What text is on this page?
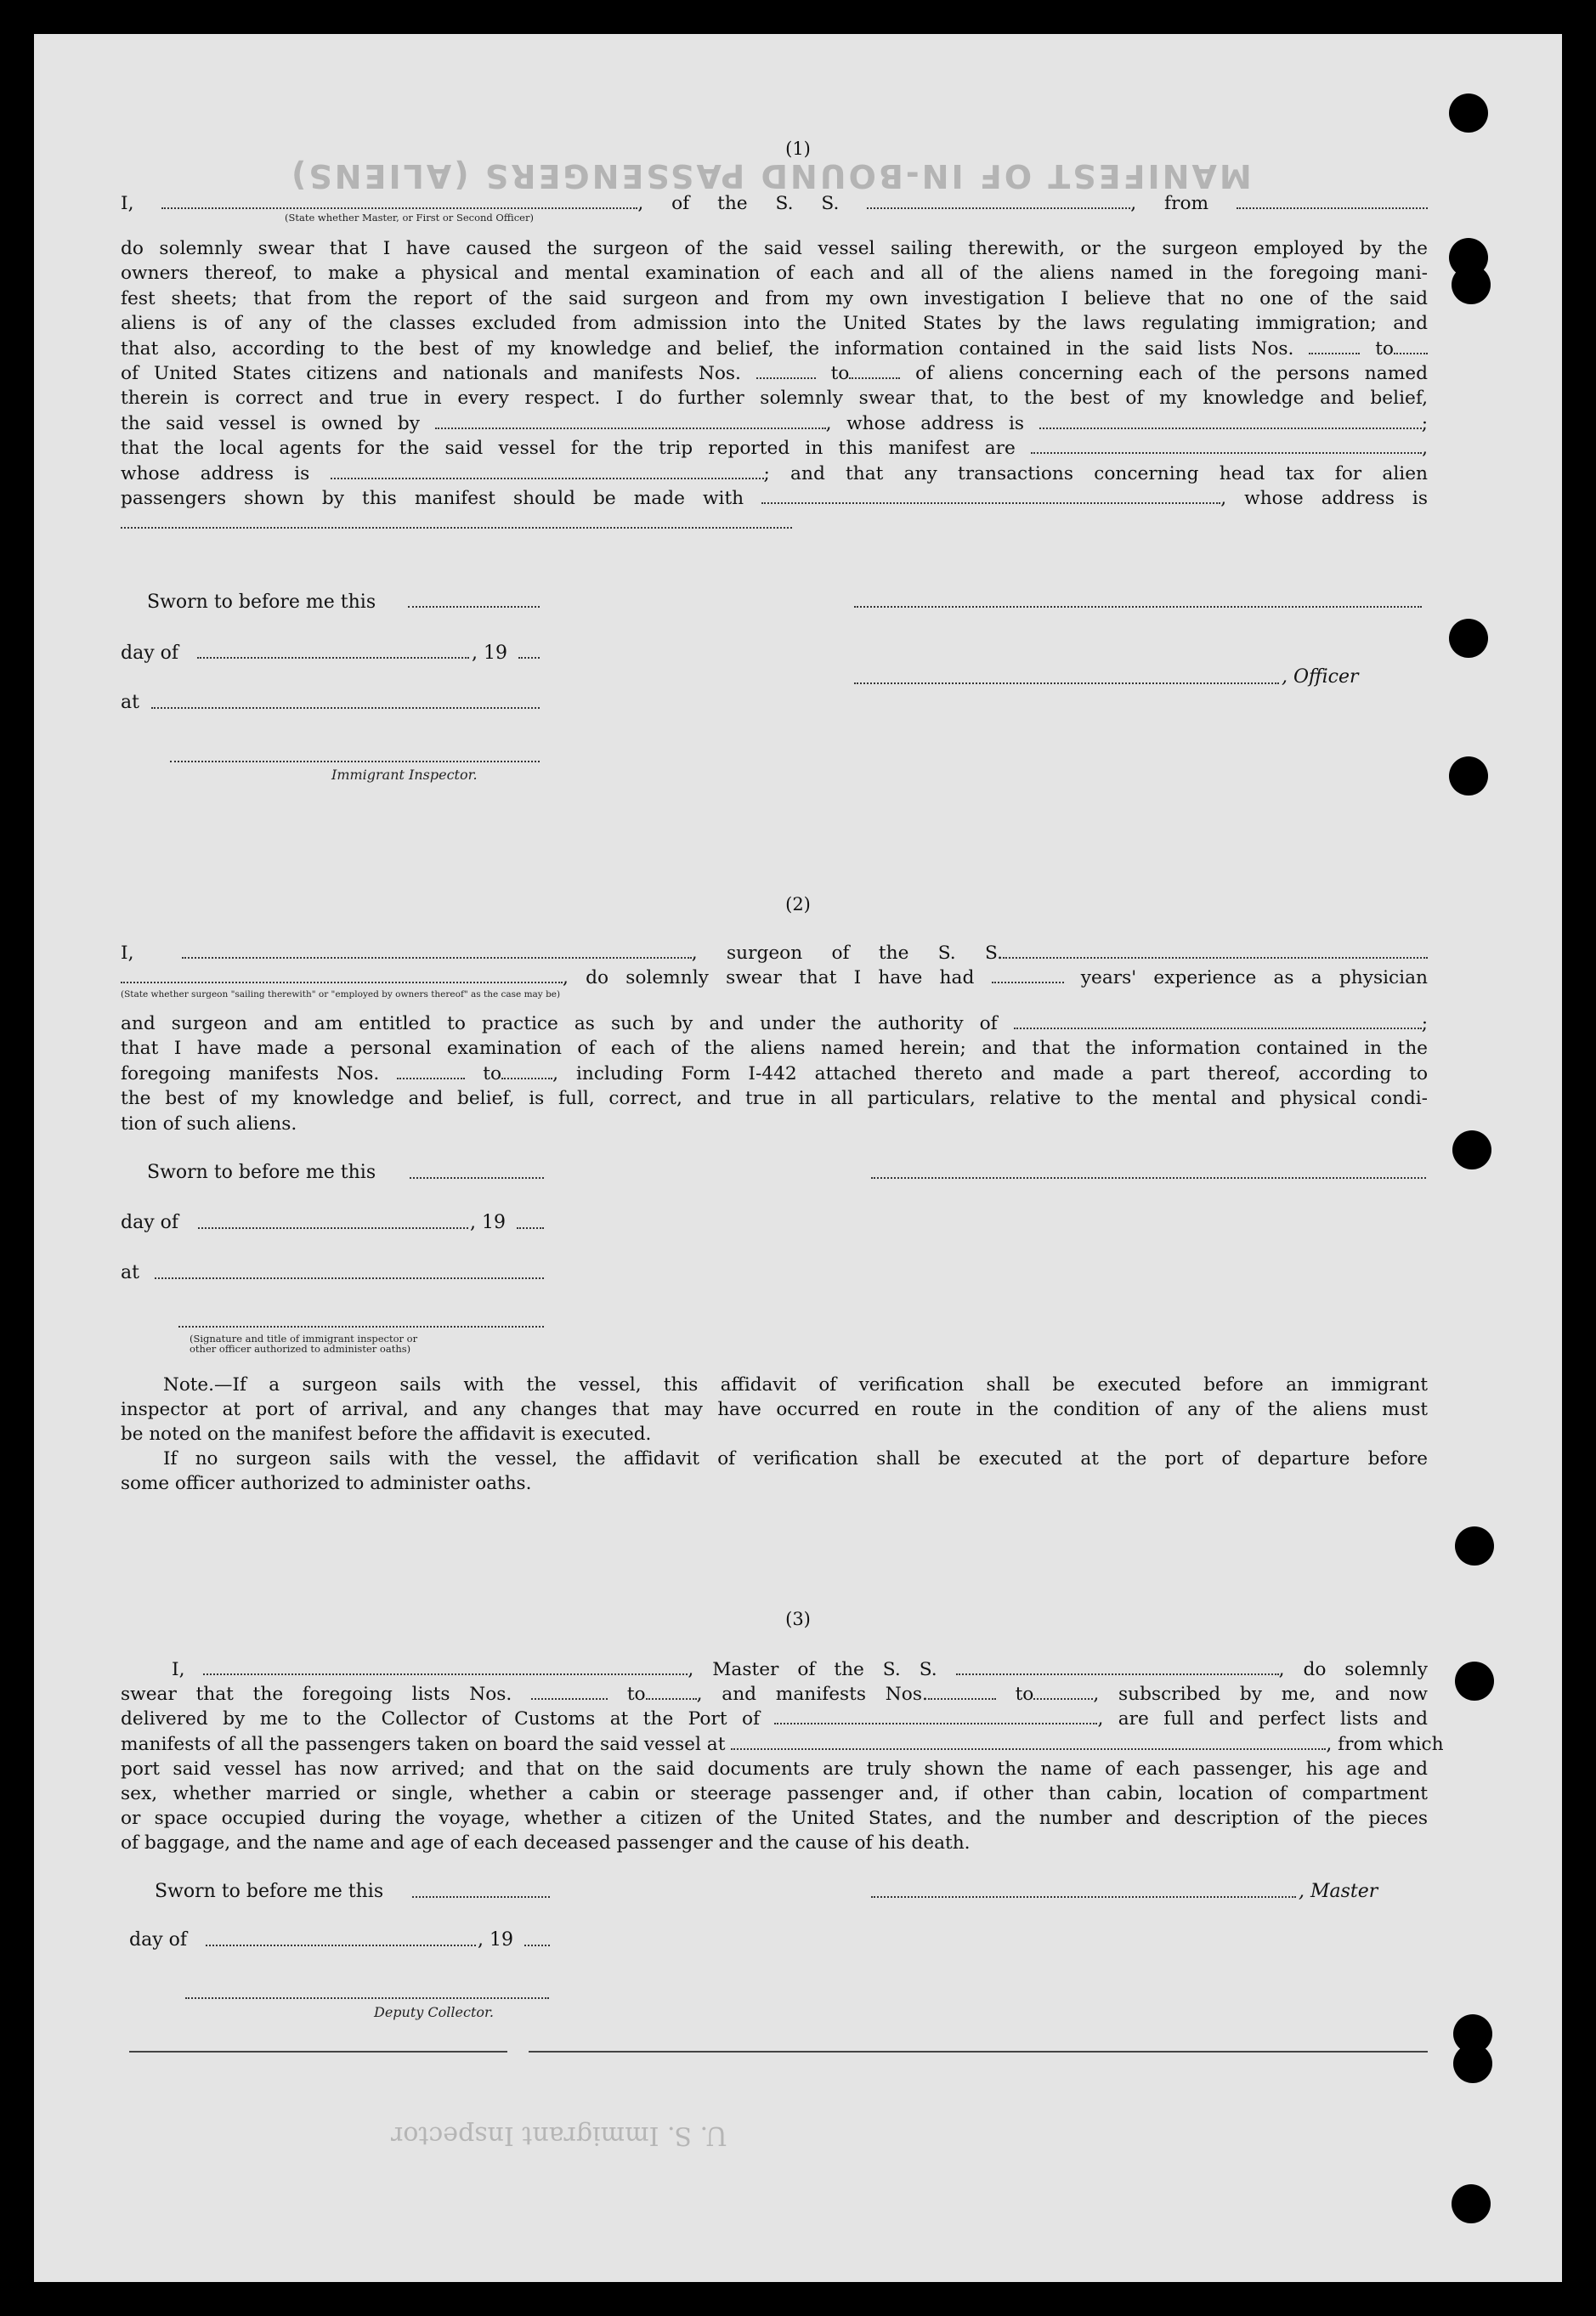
MANIFEST OF IN-BOUND PASSENGERS (ALIENS)
U. S. Immigrant Inspector
(1)

I,	, of the S. S.	, from

(State whether Master, or First or Second Officer)

do solemnly swear that I have caused the surgeon of the said vessel sailing therewith, or the surgeon employed by the

owners thereof, to make a physical and mental examination of each and all of the aliens named in the foregoing mani-

fest sheets; that from the report of the said surgeon and from my own investigation I believe that no one of the said

aliens is of any of the classes excluded from admission into the United States by the laws regulating immigration; and

that also, according to the best of my knowledge and belief, the information contained in the said lists Nos.	to

of United States citizens and nationals and manifests Nos.	to	of aliens concerning each of the persons named

therein is correct and true in every respect. I do further solemnly swear that, to the best of my knowledge and belief,

the said vessel is owned by	, whose address is	;

that the local agents for the said vessel for the trip reported in this manifest are	,

whose address is	; and that any transactions concerning head tax for alien

passengers shown by this manifest should be made with	, whose address is

Sworn to before me this
day of	, 19
, Officer
at
Immigrant Inspector.
(2)

I,	, surgeon of the S. S.

, do solemnly swear that I have had	years' experience as a physician

(State whether surgeon "sailing therewith" or "employed by owners thereof" as the case may be)

and surgeon and am entitled to practice as such by and under the authority of	;

that I have made a personal examination of each of the aliens named herein; and that the information contained in the

foregoing manifests Nos.	to	, including Form I-442 attached thereto and made a part thereof, according to

the best of my knowledge and belief, is full, correct, and true in all particulars, relative to the mental and physical condi-

tion of such aliens.

Sworn to before me this
day of	, 19
at
(Signature and title of immigrant inspector or
other officer authorized to administer oaths)

Note.—If a surgeon sails with the vessel, this affidavit of verification shall be executed before an immigrant

inspector at port of arrival, and any changes that may have occurred en route in the condition of any of the aliens must

be noted on the manifest before the affidavit is executed.

If no surgeon sails with the vessel, the affidavit of verification shall be executed at the port of departure before

some officer authorized to administer oaths.

(3)

I,	, Master of the S. S.	, do solemnly

swear that the foregoing lists Nos.	to	, and manifests Nos.	to	, subscribed by me, and now

delivered by me to the Collector of Customs at the Port of	, are full and perfect lists and

manifests of all the passengers taken on board the said vessel at	, from which

port said vessel has now arrived; and that on the said documents are truly shown the name of each passenger, his age and

sex, whether married or single, whether a cabin or steerage passenger and, if other than cabin, location of compartment

or space occupied during the voyage, whether a citizen of the United States, and the number and description of the pieces

of baggage, and the name and age of each deceased passenger and the cause of his death.

Sworn to before me this	, Master
day of	, 19
Deputy Collector.
